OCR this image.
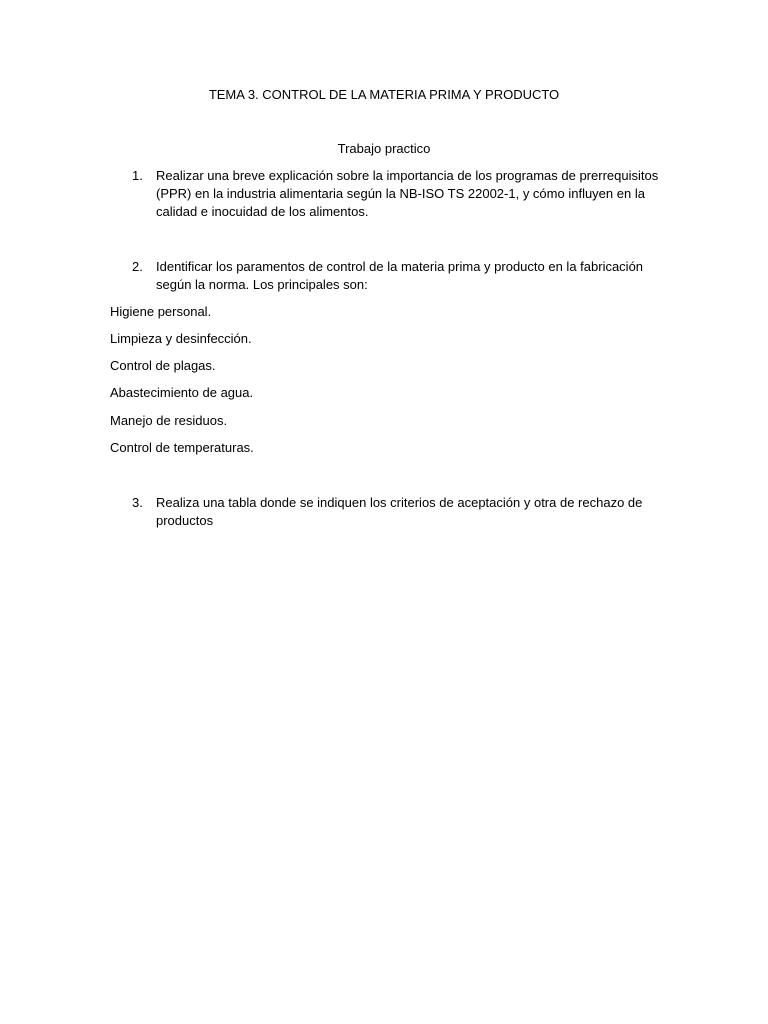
TEMA 3. CONTROL DE LA MATERIA PRIMA Y PRODUCTO
Trabajo practico
1. Realizar una breve explicación sobre la importancia de los programas de prerrequisitos (PPR) en la industria alimentaria según la NB-ISO TS 22002-1, y cómo influyen en la calidad e inocuidad de los alimentos.
2. Identificar los paramentos de control de la materia prima y producto en la fabricación según la norma. Los principales son:
Higiene personal.
Limpieza y desinfección.
Control de plagas.
Abastecimiento de agua.
Manejo de residuos.
Control de temperaturas.
3. Realiza una tabla donde se indiquen los criterios de aceptación y otra de rechazo de productos
